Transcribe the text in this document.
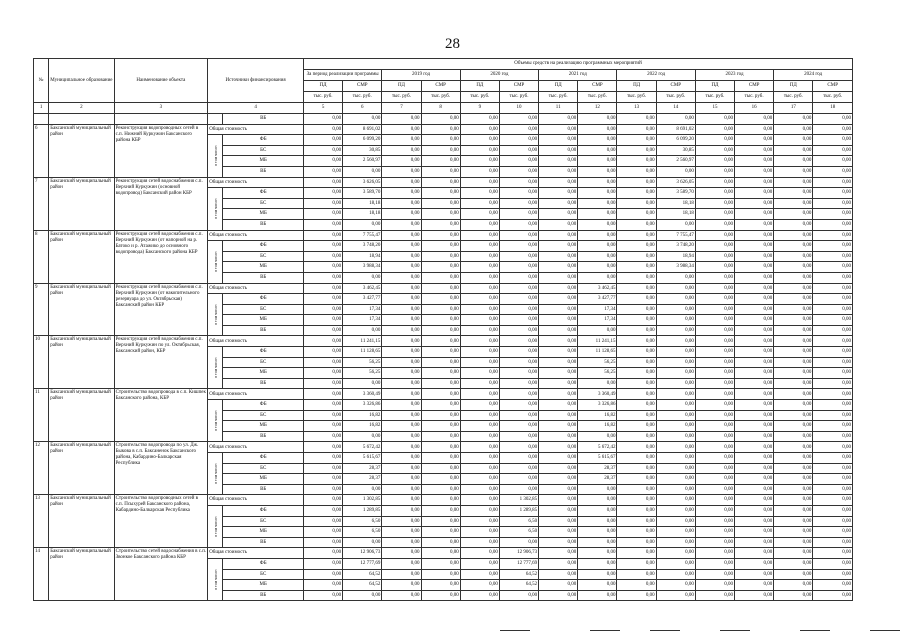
28
№	Муниципальное образование	Наименование объекта	Источники финансирования		Объемы средств на реализацию программных мероприятий													
					За период реализации программы		2019 год		2020 год		2021 год		2022 год		2023 год		2024 год	
					ПД	СМР	ПД	СМР	ПД	СМР	ПД	СМР	ПД	СМР	ПД	СМР	ПД	СМР
					тыс. руб.	тыс. руб.	тыс. руб.	тыс. руб.	тыс. руб.	тыс. руб.	тыс. руб.	тыс. руб.	тыс. руб.	тыс. руб.	тыс. руб.	тыс. руб.	тыс. руб.	тыс. руб.
1	2	3	4		5	6	7	8	9	10	11	12	13	14	15	16	17	18
				ВБ	0,00	0,00	0,00	0,00	0,00	0,00	0,00	0,00	0,00	0,00	0,00	0,00	0,00	0,00
6	Баксанский муниципальный район	Реконструкция водопроводных сетей в с.п. Нижний Куркужин Баксанского района КБР	Общая стоимость		0,00	8 691,02	0,00	0,00	0,00	0,00	0,00	0,00	0,00	8 691,02	0,00	0,00	0,00	0,00

			в том числе:	ФБ	0,00	6 099,20	0,00	0,00	0,00	0,00	0,00	0,00	0,00	6 099,20	0,00	0,00	0,00	0,00
				БС	0,00	30,85	0,00	0,00	0,00	0,00	0,00	0,00	0,00	30,85	0,00	0,00	0,00	0,00
				МБ	0,00	2 560,97	0,00	0,00	0,00	0,00	0,00	0,00	0,00	2 560,97	0,00	0,00	0,00	0,00
				ВБ	0,00	0,00	0,00	0,00	0,00	0,00	0,00	0,00	0,00	0,00	0,00	0,00	0,00	0,00
7	Баксанский муниципальный район	Реконструкция сетей водоснабжения с.п. Верхний Куркужин (основной водопровод) Баксанский район КБР	Общая стоимость		0,00	3 626,05	0,00	0,00	0,00	0,00	0,00	0,00	0,00	3 626,05	0,00	0,00	0,00	0,00

			в том числе:	ФБ	0,00	3 589,70	0,00	0,00	0,00	0,00	0,00	0,00	0,00	3 589,70	0,00	0,00	0,00	0,00
				БС	0,00	18,18	0,00	0,00	0,00	0,00	0,00	0,00	0,00	18,18	0,00	0,00	0,00	0,00
				МБ	0,00	18,18	0,00	0,00	0,00	0,00	0,00	0,00	0,00	18,18	0,00	0,00	0,00	0,00
				ВБ	0,00	0,00	0,00	0,00	0,00	0,00	0,00	0,00	0,00	0,00	0,00	0,00	0,00	0,00
8	Баксанский муниципальный район	Реконструкция сетей водоснабжения с.п. Верхний Куркужин (от напорной на р. Батоко и р. Атажико до основного водопровода) Баксанского района КБР	Общая стоимость		0,00	7 755,47	0,00	0,00	0,00	0,00	0,00	0,00	0,00	7 755,47	0,00	0,00	0,00	0,00

			в том числе:	ФБ	0,00	3 748,20	0,00	0,00	0,00	0,00	0,00	0,00	0,00	3 748,20	0,00	0,00	0,00	0,00
				БС	0,00	18,94	0,00	0,00	0,00	0,00	0,00	0,00	0,00	18,94	0,00	0,00	0,00	0,00
				МБ	0,00	3 988,34	0,00	0,00	0,00	0,00	0,00	0,00	0,00	3 988,34	0,00	0,00	0,00	0,00
				ВБ	0,00	0,00	0,00	0,00	0,00	0,00	0,00	0,00	0,00	0,00	0,00	0,00	0,00	0,00
9	Баксанский муниципальный район	Реконструкция сетей водоснабжения с.п. Верхний Куркужин (от накопительного резервуара до ул. Октябрьская) Баксанский район КБР	Общая стоимость		0,00	3 462,45	0,00	0,00	0,00	0,00	0,00	3 462,45	0,00	0,00	0,00	0,00	0,00	0,00

			в том числе:	ФБ	0,00	3 427,77	0,00	0,00	0,00	0,00	0,00	3 427,77	0,00	0,00	0,00	0,00	0,00	0,00
				БС	0,00	17,34	0,00	0,00	0,00	0,00	0,00	17,34	0,00	0,00	0,00	0,00	0,00	0,00
				МБ	0,00	17,34	0,00	0,00	0,00	0,00	0,00	17,34	0,00	0,00	0,00	0,00	0,00	0,00
				ВБ	0,00	0,00	0,00	0,00	0,00	0,00	0,00	0,00	0,00	0,00	0,00	0,00	0,00	0,00
10	Баксанский муниципальный район	Реконструкция сетей водоснабжения с.п. Верхний Куркужин по ул. Октябрьская, Баксанский район, КБР	Общая стоимость		0,00	11 241,15	0,00	0,00	0,00	0,00	0,00	11 241,15	0,00	0,00	0,00	0,00	0,00	0,00

			в том числе:	ФБ	0,00	11 128,65	0,00	0,00	0,00	0,00	0,00	11 128,65	0,00	0,00	0,00	0,00	0,00	0,00
				БС	0,00	56,25	0,00	0,00	0,00	0,00	0,00	56,25	0,00	0,00	0,00	0,00	0,00	0,00
				МБ	0,00	56,25	0,00	0,00	0,00	0,00	0,00	56,25	0,00	0,00	0,00	0,00	0,00	0,00
				ВБ	0,00	0,00	0,00	0,00	0,00	0,00	0,00	0,00	0,00	0,00	0,00	0,00	0,00	0,00
11	Баксанский муниципальный район	Строительство водопровода в с.п. Кишпек Баксанского района, КБР	Общая стоимость		0,00	3 360,49	0,00	0,00	0,00	0,00	0,00	3 360,49	0,00	0,00	0,00	0,00	0,00	0,00

			в том числе:	ФБ	0,00	3 326,86	0,00	0,00	0,00	0,00	0,00	3 326,86	0,00	0,00	0,00	0,00	0,00	0,00
				БС	0,00	16,82	0,00	0,00	0,00	0,00	0,00	16,82	0,00	0,00	0,00	0,00	0,00	0,00
				МБ	0,00	16,82	0,00	0,00	0,00	0,00	0,00	16,82	0,00	0,00	0,00	0,00	0,00	0,00
				ВБ	0,00	0,00	0,00	0,00	0,00	0,00	0,00	0,00	0,00	0,00	0,00	0,00	0,00	0,00
12	Баксанский муниципальный район	Строительство водопровода по ул. Дж. Быкова в с.п. Баксаненок Баксанского района, Кабардино-Балкарская Республика	Общая стоимость		0,00	5 672,42	0,00	0,00	0,00	0,00	0,00	5 672,42	0,00	0,00	0,00	0,00	0,00	0,00

			в том числе:	ФБ	0,00	5 615,67	0,00	0,00	0,00	0,00	0,00	5 615,67	0,00	0,00	0,00	0,00	0,00	0,00
				БС	0,00	28,37	0,00	0,00	0,00	0,00	0,00	28,37	0,00	0,00	0,00	0,00	0,00	0,00
				МБ	0,00	28,37	0,00	0,00	0,00	0,00	0,00	28,37	0,00	0,00	0,00	0,00	0,00	0,00
				ВБ	0,00	0,00	0,00	0,00	0,00	0,00	0,00	0,00	0,00	0,00	0,00	0,00	0,00	0,00
13	Баксанский муниципальный район	Строительство водопроводных сетей в с.п. Псыхурей Баксанского района, Кабардино-Балкарская Республика	Общая стоимость		0,00	1 302,85	0,00	0,00	0,00	1 302,85	0,00	0,00	0,00	0,00	0,00	0,00	0,00	0,00

			в том числе:	ФБ	0,00	1 289,85	0,00	0,00	0,00	1 289,85	0,00	0,00	0,00	0,00	0,00	0,00	0,00	0,00
				БС	0,00	6,50	0,00	0,00	0,00	6,50	0,00	0,00	0,00	0,00	0,00	0,00	0,00	0,00
				МБ	0,00	6,50	0,00	0,00	0,00	6,50	0,00	0,00	0,00	0,00	0,00	0,00	0,00	0,00
				ВБ	0,00	0,00	0,00	0,00	0,00	0,00	0,00	0,00	0,00	0,00	0,00	0,00	0,00	0,00
14	Баксанский муниципальный район	Строительство сетей водоснабжения в с.п. Звонкое Баксанского района КБР	Общая стоимость		0,00	12 906,73	0,00	0,00	0,00	12 906,73	0,00	0,00	0,00	0,00	0,00	0,00	0,00	0,00

			в том числе:	ФБ	0,00	12 777,69	0,00	0,00	0,00	12 777,69	0,00	0,00	0,00	0,00	0,00	0,00	0,00	0,00
				БС	0,00	64,52	0,00	0,00	0,00	64,52	0,00	0,00	0,00	0,00	0,00	0,00	0,00	0,00
				МБ	0,00	64,52	0,00	0,00	0,00	64,52	0,00	0,00	0,00	0,00	0,00	0,00	0,00	0,00
				ВБ	0,00	0,00	0,00	0,00	0,00	0,00	0,00	0,00	0,00	0,00	0,00	0,00	0,00	0,00
